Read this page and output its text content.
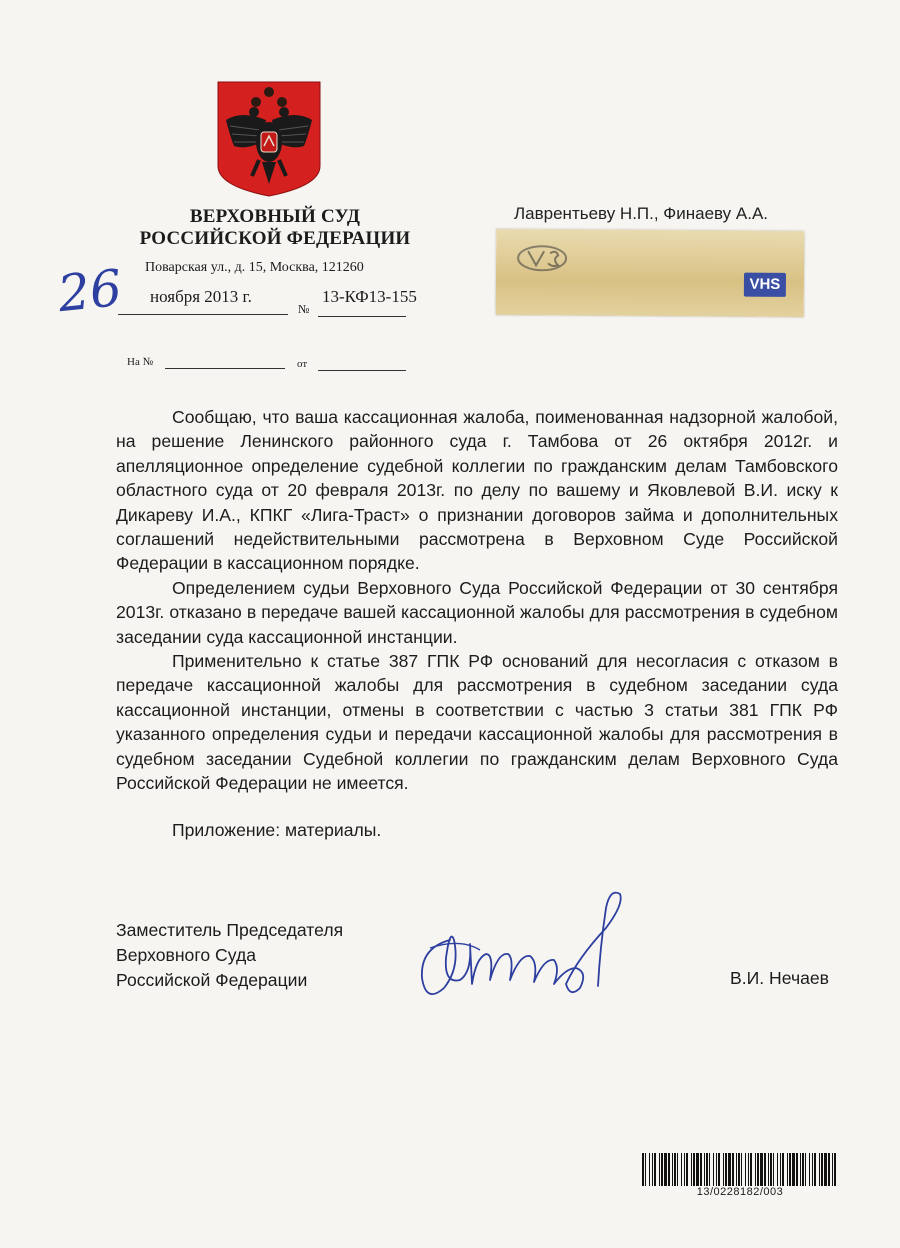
ВЕРХОВНЫЙ СУД
РОССИЙСКОЙ ФЕДЕРАЦИИ
Поварская ул., д. 15, Москва, 121260
26 ноября 2013 г.
№
13-КФ13-155
На №	от
Лаврентьеву Н.П., Финаеву А.А.
VHS

Сообщаю, что ваша кассационная жалоба, поименованная надзорной жалобой, на решение Ленинского районного суда г. Тамбова от 26 октября 2012г. и апелляционное определение судебной коллегии по гражданским делам Тамбовского областного суда от 20 февраля 2013г. по делу по вашему и Яковлевой В.И. иску к Дикареву И.А., КПКГ «Лига-Траст» о признании договоров займа и дополнительных соглашений недействительными рассмотрена в Верховном Суде Российской Федерации в кассационном порядке.

Определением судьи Верховного Суда Российской Федерации от 30 сентября 2013г. отказано в передаче вашей кассационной жалобы для рассмотрения в судебном заседании суда кассационной инстанции.

Применительно к статье 387 ГПК РФ оснований для несогласия с отказом в передаче кассационной жалобы для рассмотрения в судебном заседании суда кассационной инстанции, отмены в соответствии с частью 3 статьи 381 ГПК РФ указанного определения судьи и передачи кассационной жалобы для рассмотрения в судебном заседании Судебной коллегии по гражданским делам Верховного Суда Российской Федерации не имеется.

Приложение: материалы.

Заместитель Председателя
Верховного Суда
Российской Федерации	В.И. Нечаев
13/0228182/003
